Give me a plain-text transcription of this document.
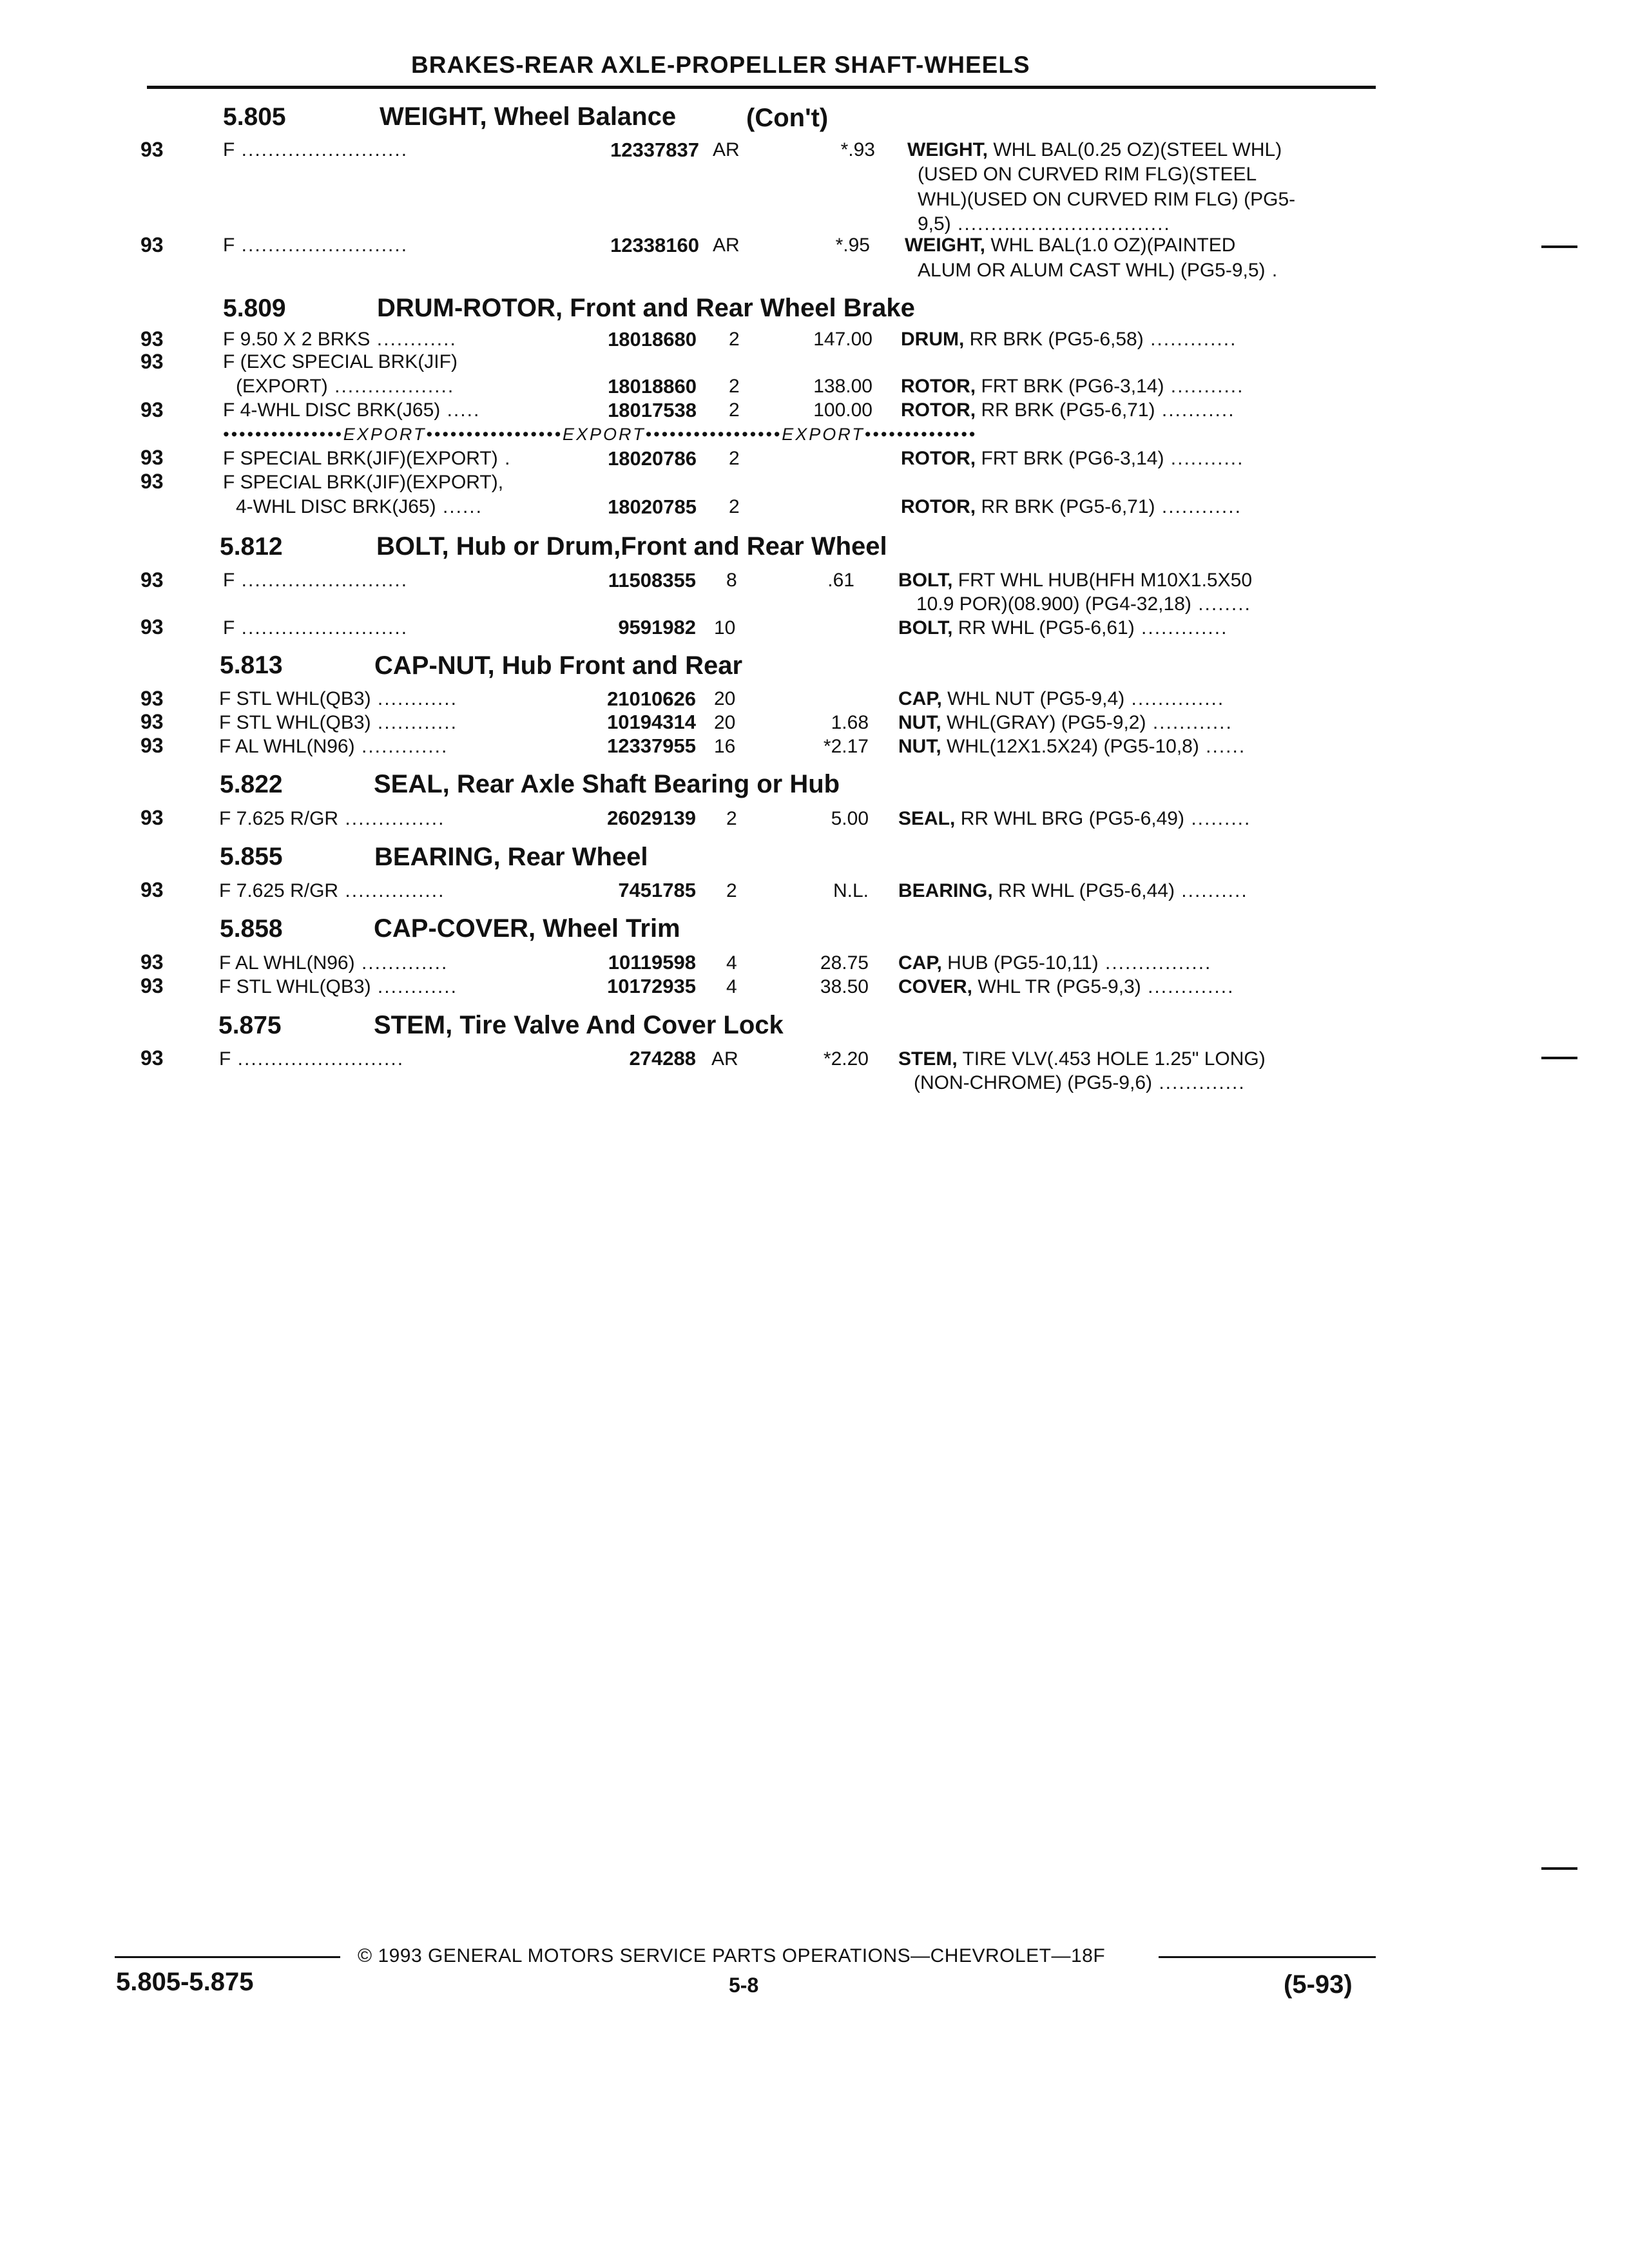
BRAKES-REAR AXLE-PROPELLER SHAFT-WHEELS
5.805	WEIGHT, Wheel Balance	(Con't)
5.809	DRUM-ROTOR, Front and Rear Wheel Brake
5.812	BOLT, Hub or Drum,Front and Rear Wheel
5.813	CAP-NUT, Hub Front and Rear
5.822	SEAL, Rear Axle Shaft Bearing or Hub
5.855	BEARING, Rear Wheel
5.858	CAP-COVER, Wheel Trim
5.875	STEM, Tire Valve And Cover Lock
93	F .........................	12337837 AR	*.93 WEIGHT, WHL BAL(0.25 OZ)(STEEL WHL)
(USED ON CURVED RIM FLG)(STEEL
WHL)(USED ON CURVED RIM FLG) (PG5-
9,5) ................................
93	F .........................	12338160 AR	*.95 WEIGHT, WHL BAL(1.0 OZ)(PAINTED
ALUM OR ALUM CAST WHL) (PG5-9,5) .
93	F 9.50 X 2 BRKS ............	18018680 2	147.00 DRUM, RR BRK (PG5-6,58) .............
93	F (EXC SPECIAL BRK(JIF)
(EXPORT) ..................	18018860 2	138.00 ROTOR, FRT BRK (PG6-3,14) ...........
93	F 4-WHL DISC BRK(J65) .....	18017538 2	100.00 ROTOR, RR BRK (PG5-6,71) ...........
•••••••••••••••EXPORT•••••••••••••••••EXPORT•••••••••••••••••EXPORT••••••••••••••
93	F SPECIAL BRK(JIF)(EXPORT) .	18020786 2	ROTOR, FRT BRK (PG6-3,14) ...........
93	F SPECIAL BRK(JIF)(EXPORT),
4-WHL DISC BRK(J65) ......	18020785 2	ROTOR, RR BRK (PG5-6,71) ............
93	F .........................	11508355 8	.61 BOLT, FRT WHL HUB(HFH M10X1.5X50
10.9 POR)(08.900) (PG4-32,18) ........
93	F .........................	9591982 10	BOLT, RR WHL (PG5-6,61) .............
93	F STL WHL(QB3) ............	21010626 20	CAP, WHL NUT (PG5-9,4) ..............
93	F STL WHL(QB3) ............	10194314 20	1.68 NUT, WHL(GRAY) (PG5-9,2) ............
93	F AL WHL(N96) .............	12337955 16	*2.17 NUT, WHL(12X1.5X24) (PG5-10,8) ......
93	F 7.625 R/GR ...............	26029139 2	5.00 SEAL, RR WHL BRG (PG5-6,49) .........
93	F 7.625 R/GR ...............	7451785 2	N.L. BEARING, RR WHL (PG5-6,44) ..........
93	F AL WHL(N96) .............	10119598 4	28.75 CAP, HUB (PG5-10,11) ................
93	F STL WHL(QB3) ............	10172935 4	38.50 COVER, WHL TR (PG5-9,3) .............
93	F .........................	274288 AR	*2.20 STEM, TIRE VLV(.453 HOLE 1.25" LONG)
(NON-CHROME) (PG5-9,6) .............
© 1993 GENERAL MOTORS SERVICE PARTS OPERATIONS—CHEVROLET—18F
5.805-5.875	5-8	(5-93)
